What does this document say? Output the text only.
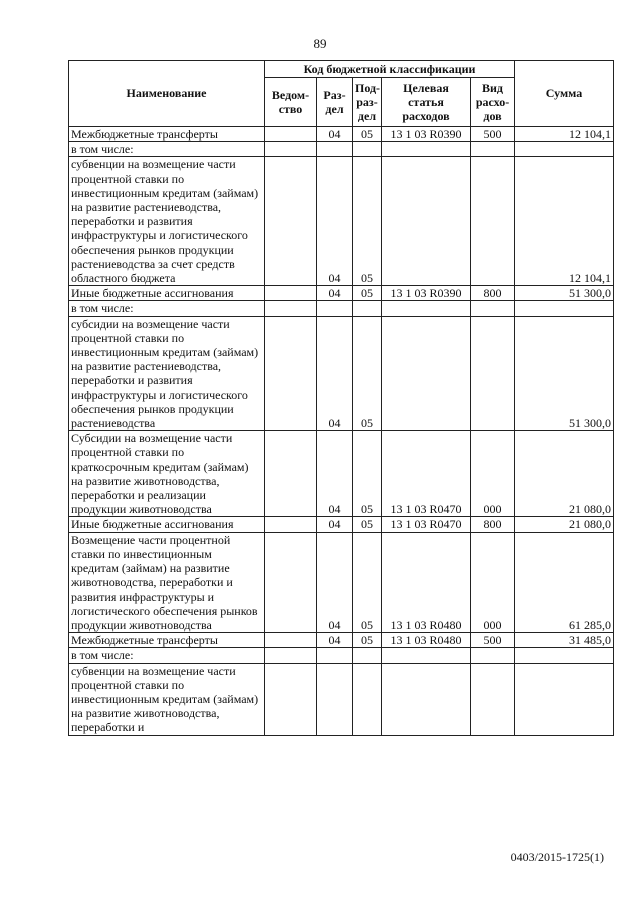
89
Наименование	Код бюджетной классификации					Сумма
	Ведом-ство	Раз-дел	Под-раз-дел	Целевая статья расходов	Вид расхо-дов	
Межбюджетные трансферты		04	05	13 1 03 R0390	500	12 104,1
в том числе:						
субвенции на возмещение части процентной ставки по инвестиционным кредитам (займам) на развитие растениеводства, переработки и развития инфраструктуры и логистического обеспечения рынков продукции растениеводства за счет средств областного бюджета		04	05			12 104,1
Иные бюджетные ассигнования		04	05	13 1 03 R0390	800	51 300,0
в том числе:						
субсидии на возмещение части процентной ставки по инвестиционным кредитам (займам) на развитие растениеводства, переработки и развития инфраструктуры и логистического обеспечения рынков продукции растениеводства		04	05			51 300,0
Субсидии на возмещение части процентной ставки по краткосрочным кредитам (займам) на развитие животноводства, переработки и реализации продукции животноводства		04	05	13 1 03 R0470	000	21 080,0
Иные бюджетные ассигнования		04	05	13 1 03 R0470	800	21 080,0
Возмещение части процентной ставки по инвестиционным кредитам (займам) на развитие животноводства, переработки и развития инфраструктуры и логистического обеспечения рынков продукции животноводства		04	05	13 1 03 R0480	000	61 285,0
Межбюджетные трансферты		04	05	13 1 03 R0480	500	31 485,0
в том числе:						
субвенции на возмещение части процентной ставки по инвестиционным кредитам (займам) на развитие животноводства, переработки и						
0403/2015-1725(1)
